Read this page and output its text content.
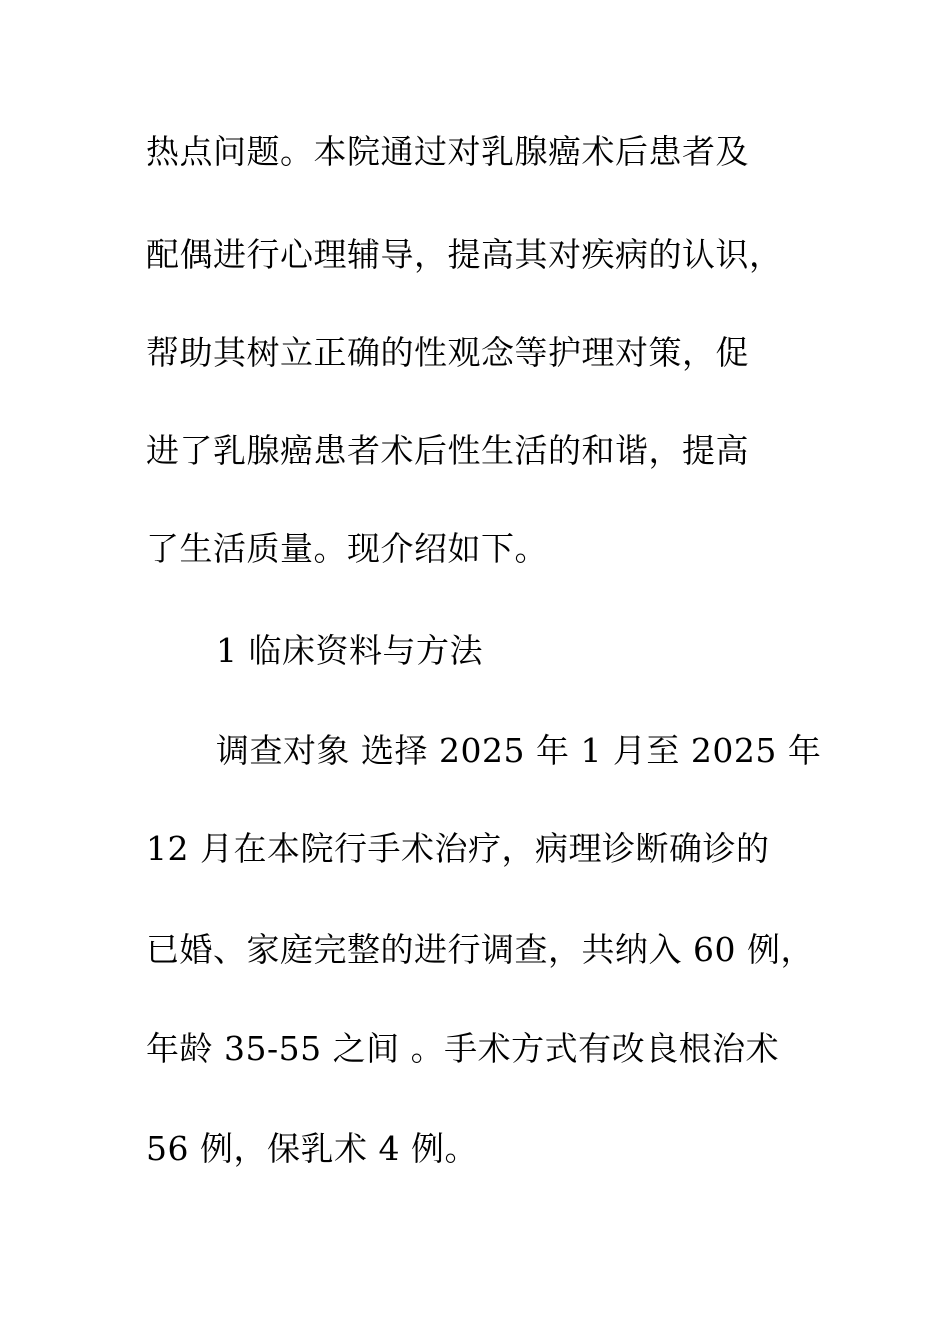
热点问题。本院通过对乳腺癌术后患者及
配偶进行心理辅导，提高其对疾病的认识，
帮助其树立正确的性观念等护理对策，促
进了乳腺癌患者术后性生活的和谐，提高
了生活质量。现介绍如下。
1 临床资料与方法
调查对象 选择 2025 年 1 月至 2025 年
12 月在本院行手术治疗，病理诊断确诊的
已婚、家庭完整的进行调查，共纳入 60 例，
年龄 35-55 之间 。手术方式有改良根治术
56 例，保乳术 4 例。
